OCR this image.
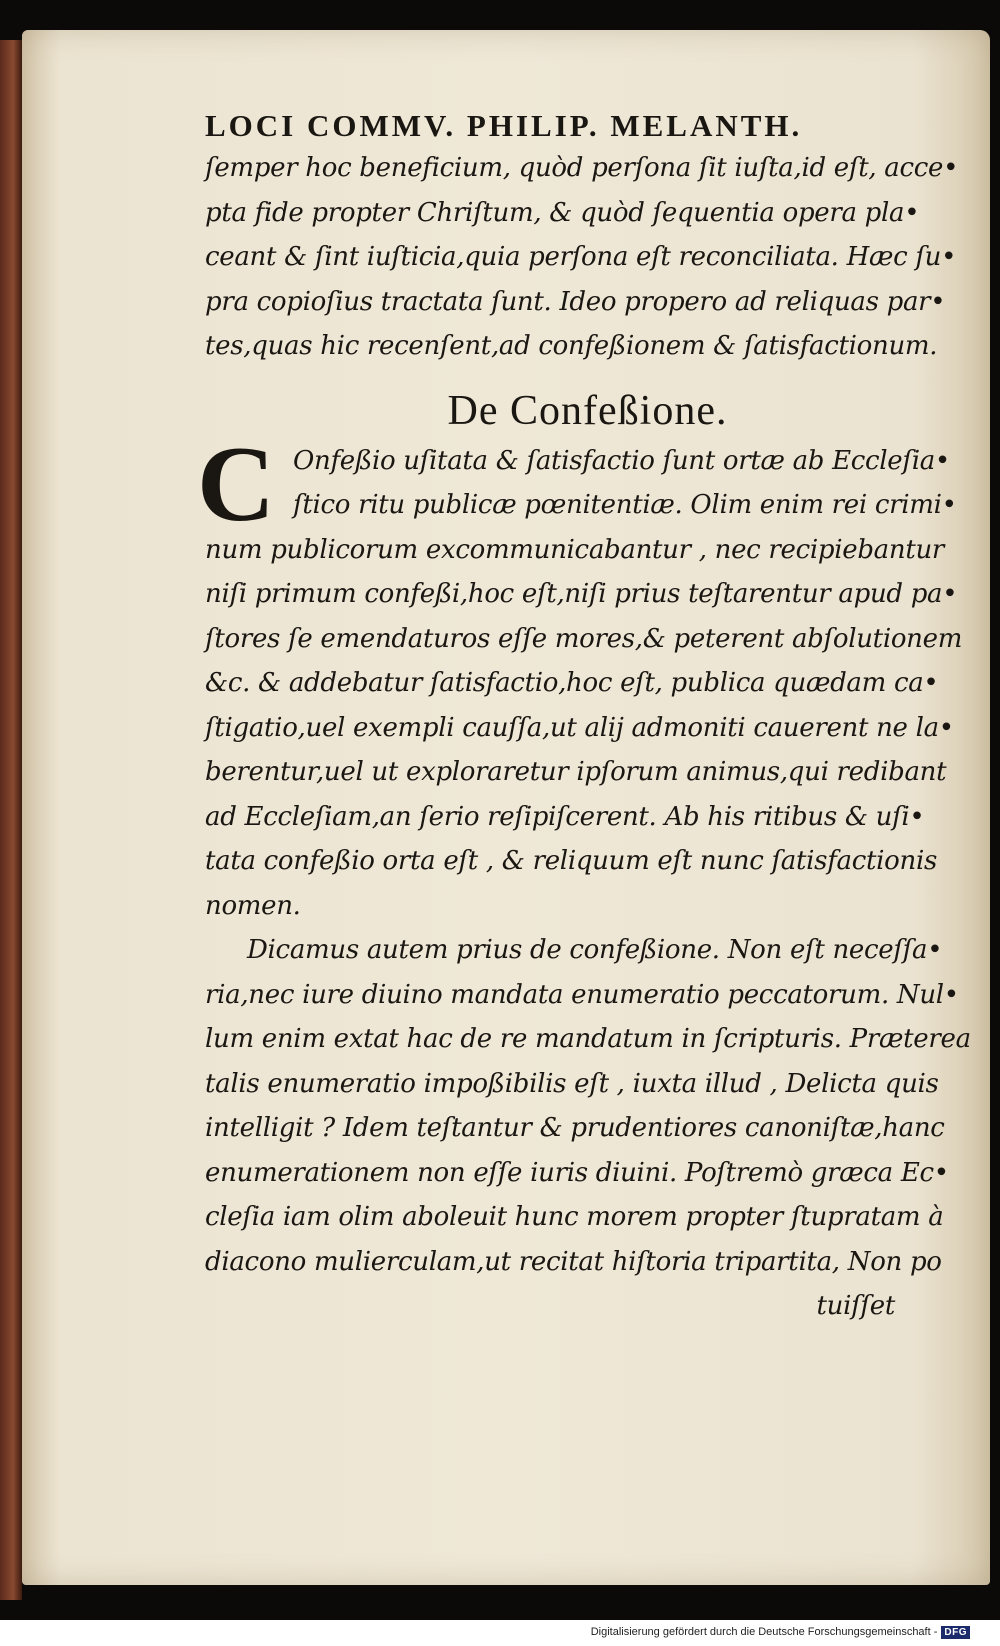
LOCI COMMV. PHILIP. MELANTH.
ſemper hoc beneficium, quòd perſona ſit iuſta,id eſt, acce•
pta fide propter Chriſtum, & quòd ſequentia opera pla•
ceant & ſint iuſticia,quia perſona eſt reconciliata. Hæc ſu•
pra copioſius tractata ſunt. Ideo propero ad reliquas par•
tes,quas hic recenſent,ad confeßionem & ſatisfactionum.
De Confeßione.
C Onfeßio uſitata & ſatisfactio ſunt ortæ ab Eccleſia•
ſtico ritu publicæ pœnitentiæ. Olim enim rei crimi•
num publicorum excommunicabantur , nec recipiebantur
niſi primum confeßi,hoc eſt,niſi prius teſtarentur apud pa•
ſtores ſe emendaturos eſſe mores,& peterent abſolutionem
&c. & addebatur ſatisfactio,hoc eſt, publica quædam ca•
ſtigatio,uel exempli cauſſa,ut alij admoniti cauerent ne la•
berentur,uel ut exploraretur ipſorum animus,qui redibant
ad Eccleſiam,an ſerio reſipiſcerent. Ab his ritibus & uſi•
tata confeßio orta eſt , & reliquum eſt nunc ſatisfactionis
nomen.
Dicamus autem prius de confeßione. Non eſt neceſſa•
ria,nec iure diuino mandata enumeratio peccatorum. Nul•
lum enim extat hac de re mandatum in ſcripturis. Præterea
talis enumeratio impoßibilis eſt , iuxta illud , Delicta quis
intelligit ? Idem teſtantur & prudentiores canoniſtæ,hanc
enumerationem non eſſe iuris diuini. Poſtremò græca Ec•
cleſia iam olim aboleuit hunc morem propter ſtupratam à
diacono mulierculam,ut recitat hiſtoria tripartita, Non po
tuiſſet
Digitalisierung gefördert durch die Deutsche Forschungsgemeinschaft - DFG
